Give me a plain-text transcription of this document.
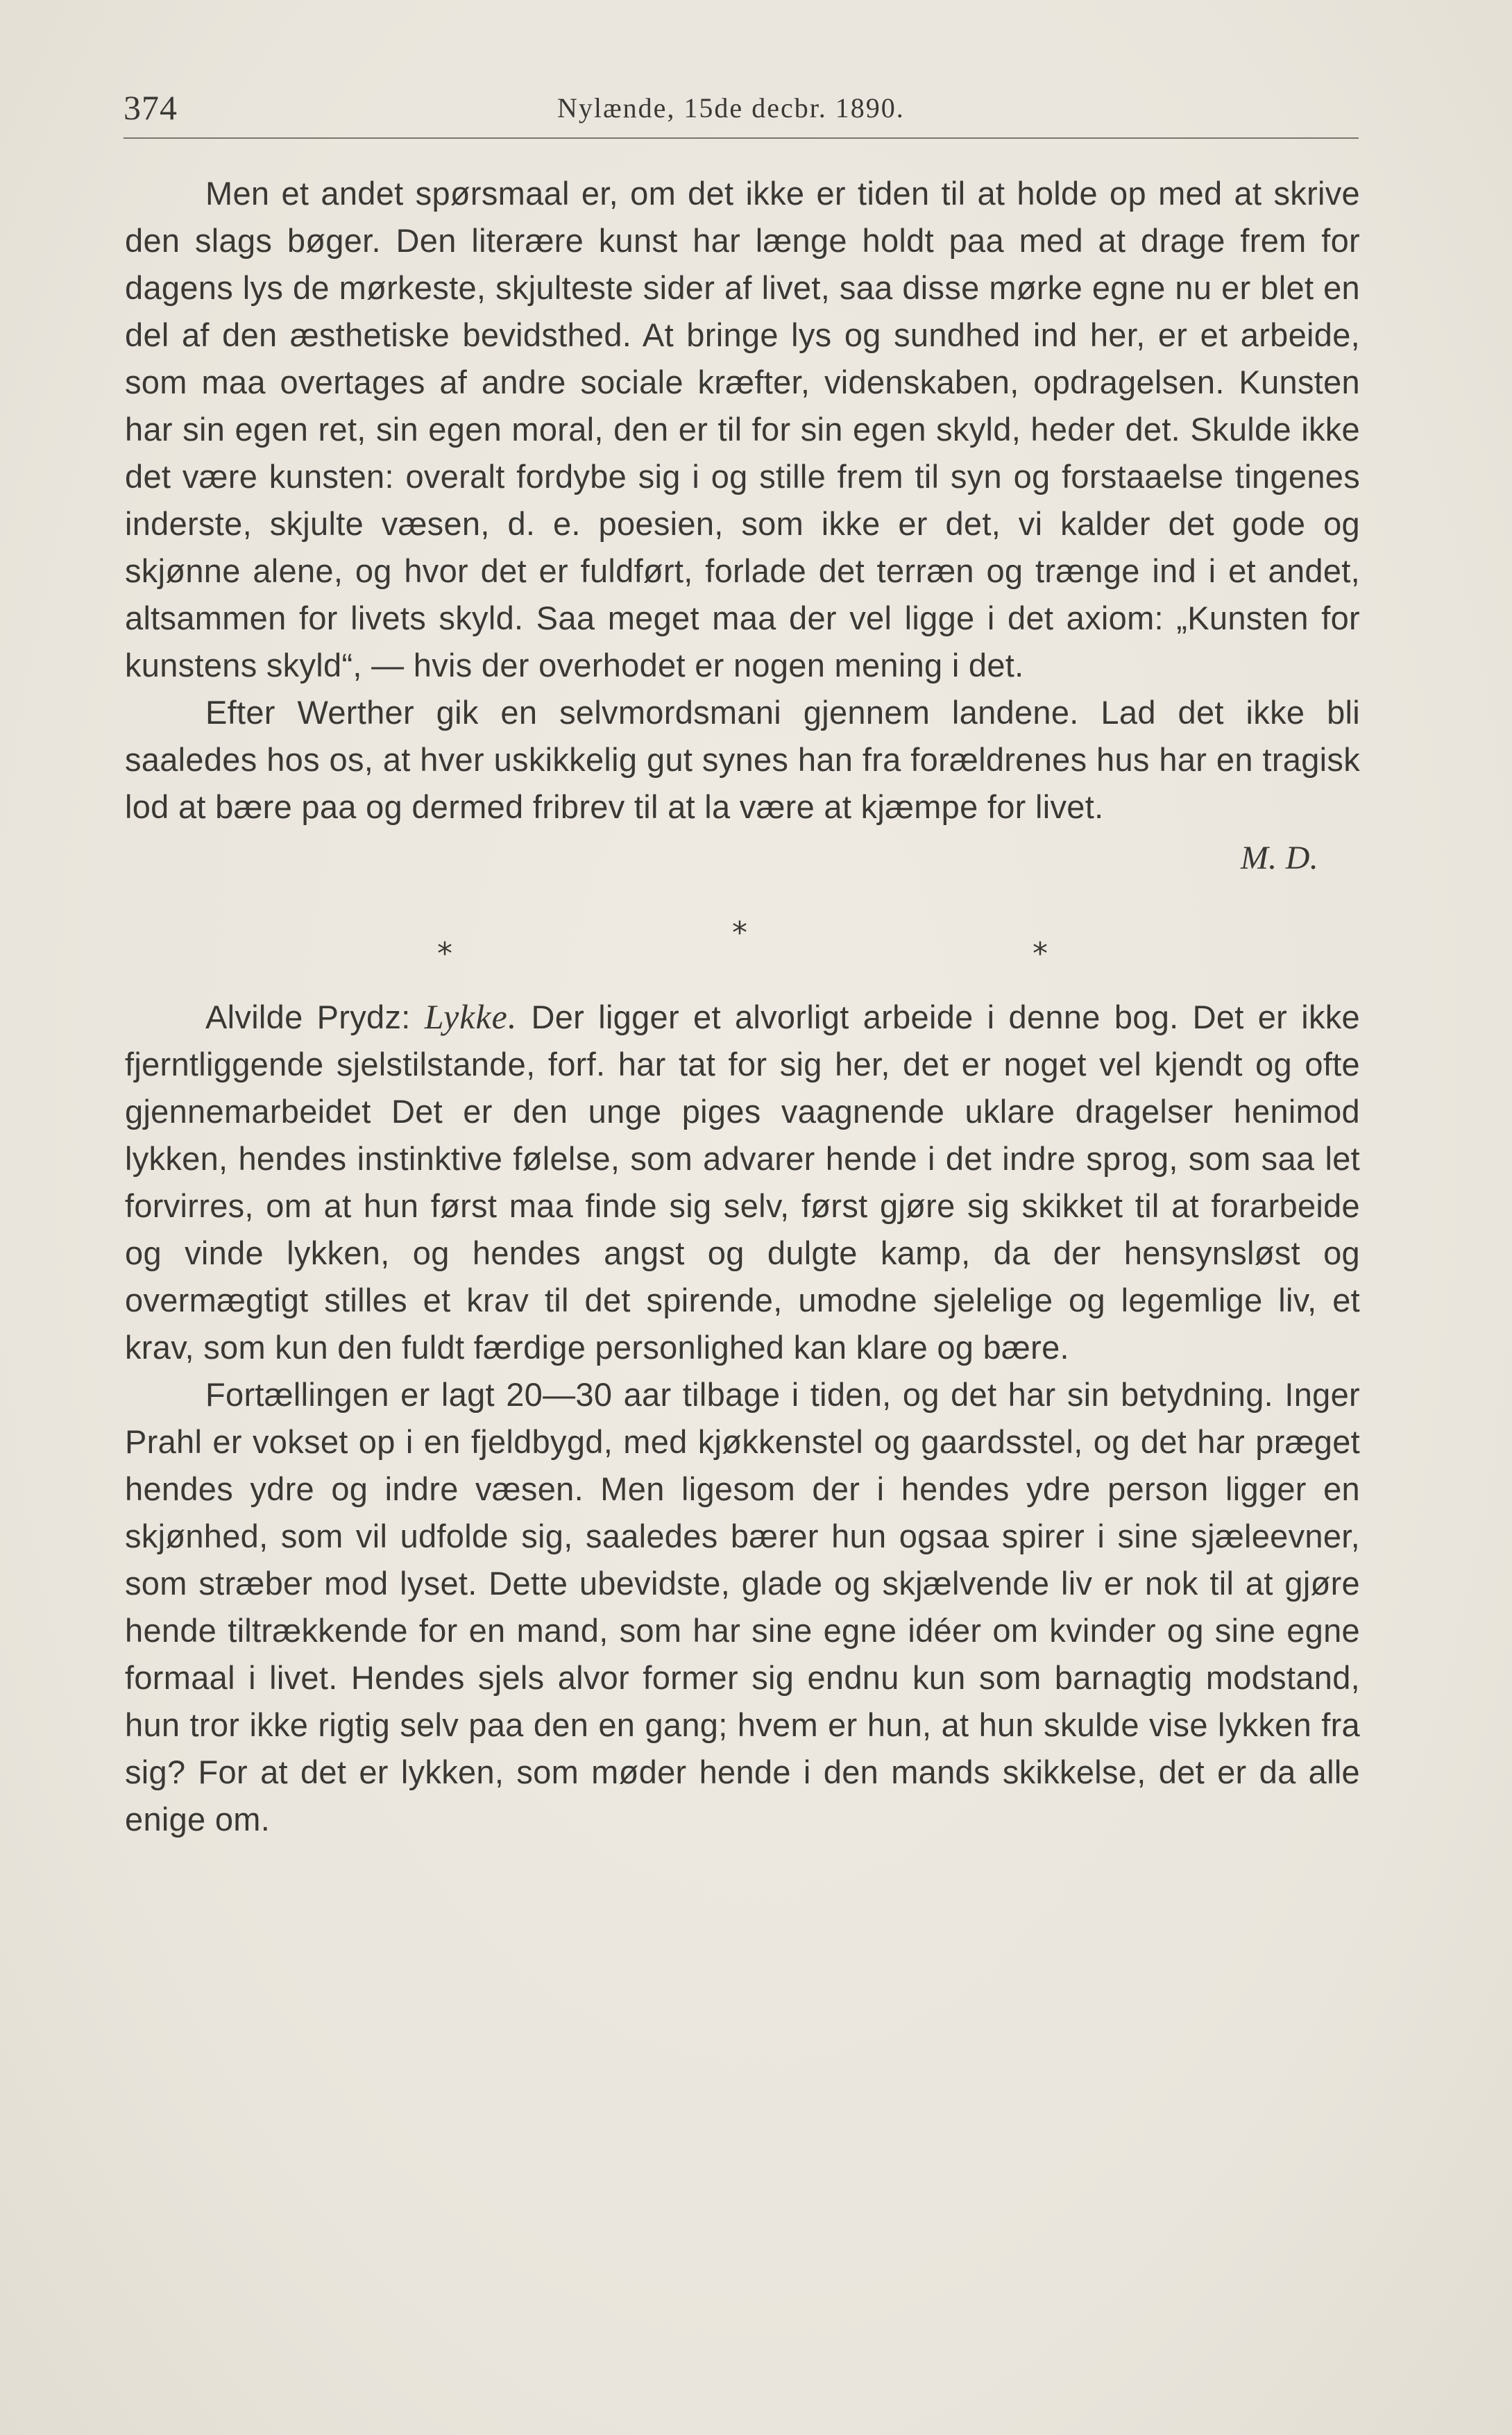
374	Nylænde, 15de decbr. 1890.

Men et andet spørsmaal er, om det ikke er tiden til at holde op med at skrive den slags bøger. Den literære kunst har længe holdt paa med at drage frem for dagens lys de mørkeste, skjulteste sider af livet, saa disse mørke egne nu er blet en del af den æsthetiske bevidsthed. At bringe lys og sundhed ind her, er et arbeide, som maa overtages af andre sociale kræfter, videnskaben, opdragelsen. Kunsten har sin egen ret, sin egen moral, den er til for sin egen skyld, heder det. Skulde ikke det være kunsten: overalt fordybe sig i og stille frem til syn og forstaaelse tingenes inderste, skjulte væsen, d. e. poesien, som ikke er det, vi kalder det gode og skjønne alene, og hvor det er fuldført, forlade det terræn og trænge ind i et andet, altsammen for livets skyld. Saa meget maa der vel ligge i det axiom: „Kunsten for kunstens skyld“, — hvis der overhodet er nogen mening i det.

Efter Werther gik en selvmordsmani gjennem landene. Lad det ikke bli saaledes hos os, at hver uskikkelig gut synes han fra forældrenes hus har en tragisk lod at bære paa og dermed fribrev til at la være at kjæmpe for livet.

M. D.

*
*
*

Alvilde Prydz: Lykke. Der ligger et alvorligt arbeide i denne bog. Det er ikke fjerntliggende sjelstilstande, forf. har tat for sig her, det er noget vel kjendt og ofte gjennemarbeidet Det er den unge piges vaagnende uklare dragelser henimod lykken, hendes instinktive følelse, som advarer hende i det indre sprog, som saa let forvirres, om at hun først maa finde sig selv, først gjøre sig skikket til at forarbeide og vinde lykken, og hendes angst og dulgte kamp, da der hensynsløst og overmægtigt stilles et krav til det spirende, umodne sjelelige og legemlige liv, et krav, som kun den fuldt færdige personlighed kan klare og bære.

Fortællingen er lagt 20—30 aar tilbage i tiden, og det har sin betydning. Inger Prahl er vokset op i en fjeldbygd, med kjøkkenstel og gaardsstel, og det har præget hendes ydre og indre væsen. Men ligesom der i hendes ydre person ligger en skjønhed, som vil udfolde sig, saaledes bærer hun ogsaa spirer i sine sjæleevner, som stræber mod lyset. Dette ubevidste, glade og skjælvende liv er nok til at gjøre hende tiltrækkende for en mand, som har sine egne idéer om kvinder og sine egne formaal i livet. Hendes sjels alvor former sig endnu kun som barnagtig modstand, hun tror ikke rigtig selv paa den en gang; hvem er hun, at hun skulde vise lykken fra sig? For at det er lykken, som møder hende i den mands skikkelse, det er da alle enige om.
